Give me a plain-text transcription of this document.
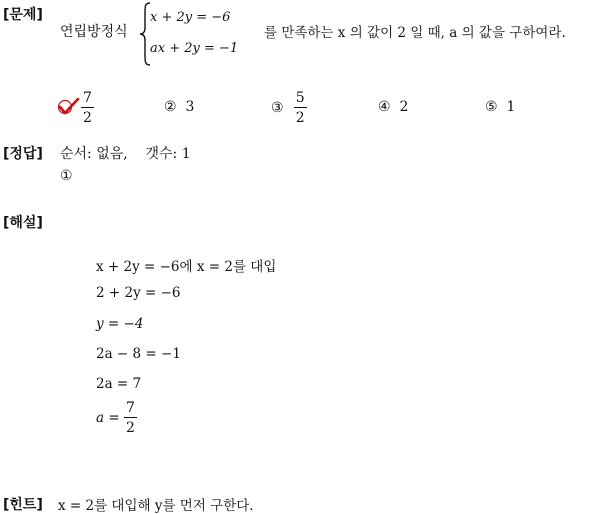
[문제]
연립방정식
x + 2y = −6
ax + 2y = −1
를 만족하는 x 의 값이 2 일 때, a 의 값을 구하여라.
$\frac{7}{2}$	② 3	③ $\frac{5}{2}$	④ 2	⑤ 1
[정답] 순서: 없음,    갯수: 1
①
[해설]
x + 2y = −6에 x = 2를 대입
2 + 2y = −6
y = −4
2a − 8 = −1
2a = 7
$a = \frac{7}{2}$
[힌트] x = 2를 대입해 y를 먼저 구한다.
